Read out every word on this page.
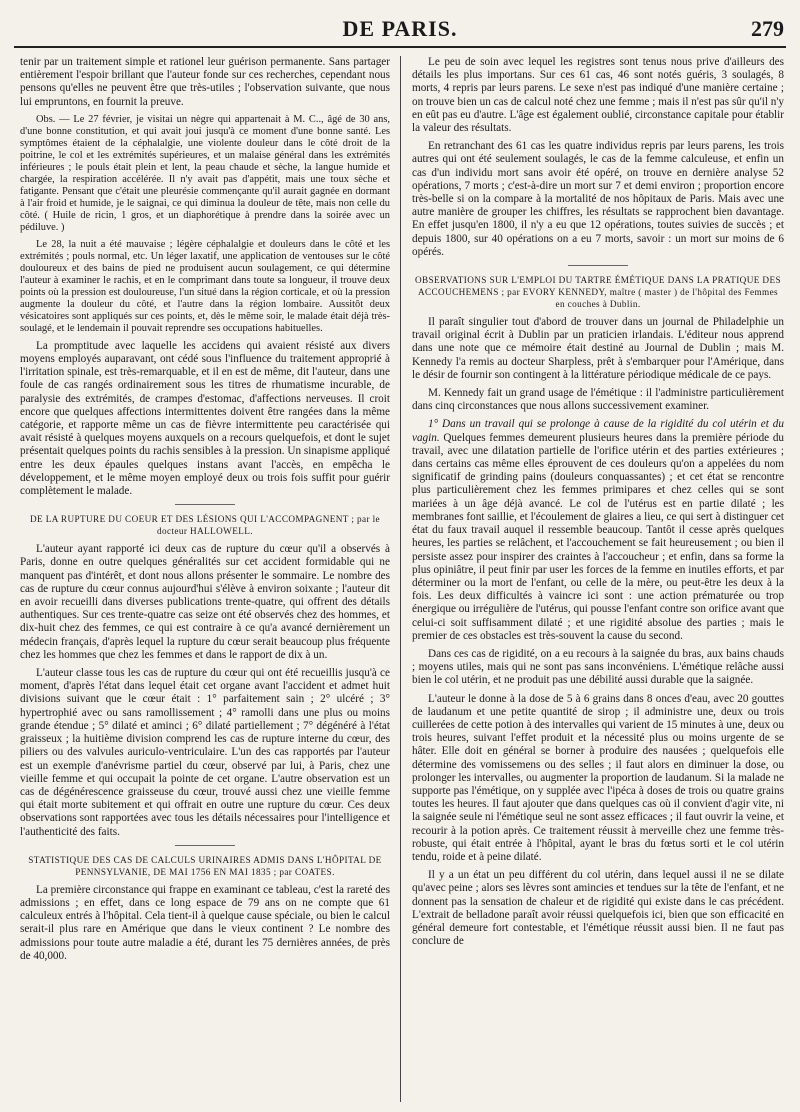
DE PARIS.	279

tenir par un traitement simple et rationel leur guérison permanente. Sans partager entièrement l'espoir brillant que l'auteur fonde sur ces recherches, cependant nous pensons qu'elles ne peuvent être que très-utiles ; l'observation suivante, que nous lui empruntons, en fournit la preuve.

Obs. — Le 27 février, je visitai un nègre qui appartenait à M. C.., âgé de 30 ans, d'une bonne constitution, et qui avait joui jusqu'à ce moment d'une bonne santé. Les symptômes étaient de la céphalalgie, une violente douleur dans le côté droit de la poitrine, le col et les extrémités supérieures, et un malaise général dans les extrémités inférieures ; le pouls était plein et lent, la peau chaude et sèche, la langue humide et chargée, la respiration accélérée. Il n'y avait pas d'appétit, mais une toux sèche et fatigante. Pensant que c'était une pleurésie commençante qu'il aurait gagnée en dormant à l'air froid et humide, je le saignai, ce qui diminua la douleur de tête, mais non celle du côté. ( Huile de ricin, 1 gros, et un diaphorétique à prendre dans la soirée avec un pédiluve. )

Le 28, la nuit a été mauvaise ; légère céphalalgie et douleurs dans le côté et les extrémités ; pouls normal, etc. Un léger laxatif, une application de ventouses sur le côté douloureux et des bains de pied ne produisent aucun soulagement, ce qui détermine l'auteur à examiner le rachis, et en le comprimant dans toute sa longueur, il trouve deux points où la pression est douloureuse, l'un situé dans la région corticale, et où la pression augmente la douleur du côté, et l'autre dans la région lombaire. Aussitôt deux vésicatoires sont appliqués sur ces points, et, dès le même soir, le malade était déjà très-soulagé, et le lendemain il pouvait reprendre ses occupations habituelles.

La promptitude avec laquelle les accidens qui avaient résisté aux divers moyens employés auparavant, ont cédé sous l'influence du traitement approprié à l'irritation spinale, est très-remarquable, et il en est de même, dit l'auteur, dans une foule de cas rangés ordinairement sous les titres de rhumatisme incurable, de paralysie des extrémités, de crampes d'estomac, d'affections nerveuses. Il croit encore que quelques affections intermittentes doivent être rangées dans la même catégorie, et rapporte même un cas de fièvre intermittente peu caractérisée qui avait résisté à quelques moyens auxquels on a recours quelquefois, et dont le sujet présentait quelques points du rachis sensibles à la pression. Un sinapisme appliqué entre les deux épaules quelques instans avant l'accès, en empêcha le développement, et le même moyen employé deux ou trois fois suffit pour guérir complètement le malade.

DE LA RUPTURE DU COEUR ET DES LÉSIONS QUI L'ACCOMPAGNENT ; par le docteur HALLOWELL.

L'auteur ayant rapporté ici deux cas de rupture du cœur qu'il a observés à Paris, donne en outre quelques généralités sur cet accident formidable qui ne manquent pas d'intérêt, et dont nous allons présenter le sommaire. Le nombre des cas de rupture du cœur connus aujourd'hui s'élève à environ soixante ; l'auteur dit en avoir recueilli dans diverses publications trente-quatre, qui offrent des détails authentiques. Sur ces trente-quatre cas seize ont été observés chez des hommes, et dix-huit chez des femmes, ce qui est contraire à ce qu'a avancé dernièrement un médecin français, d'après lequel la rupture du cœur serait beaucoup plus fréquente chez les hommes que chez les femmes et dans le rapport de dix à un.

L'auteur classe tous les cas de rupture du cœur qui ont été recueillis jusqu'à ce moment, d'après l'état dans lequel était cet organe avant l'accident et admet huit divisions suivant que le cœur était : 1° parfaitement sain ; 2° ulcéré ; 3° hypertrophié avec ou sans ramollissement ; 4° ramolli dans une plus ou moins grande étendue ; 5° dilaté et aminci ; 6° dilaté partiellement ; 7° dégénéré à l'état graisseux ; la huitième division comprend les cas de rupture interne du cœur, des piliers ou des valvules auriculo-ventriculaire. L'un des cas rapportés par l'auteur est un exemple d'anévrisme partiel du cœur, observé par lui, à Paris, chez une vieille femme et qui occupait la pointe de cet organe. L'autre observation est un cas de dégénérescence graisseuse du cœur, trouvé aussi chez une vieille femme qui était morte subitement et qui offrait en outre une rupture du cœur. Ces deux observations sont rapportées avec tous les détails nécessaires pour l'intelligence et l'authenticité des faits.

STATISTIQUE DES CAS DE CALCULS URINAIRES ADMIS DANS L'HÔPITAL DE PENNSYLVANIE, DE MAI 1756 EN MAI 1835 ; par COATES.

La première circonstance qui frappe en examinant ce tableau, c'est la rareté des admissions ; en effet, dans ce long espace de 79 ans on ne compte que 61 calculeux entrés à l'hôpital. Cela tient-il à quelque cause spéciale, ou bien le calcul serait-il plus rare en Amérique que dans le vieux continent ? Le nombre des admissions pour toute autre maladie a été, durant les 75 dernières années, de près de 40,000.

Le peu de soin avec lequel les registres sont tenus nous prive d'ailleurs des détails les plus importans. Sur ces 61 cas, 46 sont notés guéris, 3 soulagés, 8 morts, 4 repris par leurs parens. Le sexe n'est pas indiqué d'une manière certaine ; on trouve bien un cas de calcul noté chez une femme ; mais il n'est pas sûr qu'il n'y en eût pas eu d'autre. L'âge est également oublié, circonstance capitale pour établir la valeur des résultats.

En retranchant des 61 cas les quatre individus repris par leurs parens, les trois autres qui ont été seulement soulagés, le cas de la femme calculeuse, et enfin un cas d'un individu mort sans avoir été opéré, on trouve en dernière analyse 52 opérations, 7 morts ; c'est-à-dire un mort sur 7 et demi environ ; proportion encore très-belle si on la compare à la mortalité de nos hôpitaux de Paris. Mais avec une autre manière de grouper les chiffres, les résultats se rapprochent bien davantage. En effet jusqu'en 1800, il n'y a eu que 12 opérations, toutes suivies de succès ; et depuis 1800, sur 40 opérations on a eu 7 morts, savoir : un mort sur moins de 6 opérés.

OBSERVATIONS SUR L'EMPLOI DU TARTRE ÉMÉTIQUE DANS LA PRATIQUE DES ACCOUCHEMENS ; par EVORY KENNEDY, maître ( master ) de l'hôpital des Femmes en couches à Dublin.

Il paraît singulier tout d'abord de trouver dans un journal de Philadelphie un travail original écrit à Dublin par un praticien irlandais. L'éditeur nous apprend dans une note que ce mémoire était destiné au Journal de Dublin ; mais M. Kennedy l'a remis au docteur Sharpless, prêt à s'embarquer pour l'Amérique, dans le désir de fournir son contingent à la littérature périodique médicale de ce pays.

M. Kennedy fait un grand usage de l'émétique : il l'administre particulièrement dans cinq circonstances que nous allons successivement examiner.

1° Dans un travail qui se prolonge à cause de la rigidité du col utérin et du vagin. Quelques femmes demeurent plusieurs heures dans la première période du travail, avec une dilatation partielle de l'orifice utérin et des parties extérieures ; dans certains cas même elles éprouvent de ces douleurs qu'on a appelées du nom significatif de grinding pains (douleurs conquassantes) ; et cet état se rencontre plus particulièrement chez les femmes primipares et chez celles qui se sont mariées à un âge déjà avancé. Le col de l'utérus est en partie dilaté ; les membranes font saillie, et l'écoulement de glaires a lieu, ce qui sert à distinguer cet état du faux travail auquel il ressemble beaucoup. Tantôt il cesse après quelques heures, les parties se relâchent, et l'accouchement se fait heureusement ; ou bien il persiste assez pour inspirer des craintes à l'accoucheur ; et enfin, dans sa forme la plus opiniâtre, il peut finir par user les forces de la femme en inutiles efforts, et par déterminer ou la mort de l'enfant, ou celle de la mère, ou peut-être les deux à la fois. Les deux difficultés à vaincre ici sont : une action prématurée ou trop énergique ou irrégulière de l'utérus, qui pousse l'enfant contre son orifice avant que celui-ci soit suffisamment dilaté ; et une rigidité absolue des parties ; mais le premier de ces obstacles est très-souvent la cause du second.

Dans ces cas de rigidité, on a eu recours à la saignée du bras, aux bains chauds ; moyens utiles, mais qui ne sont pas sans inconvéniens. L'émétique relâche aussi bien le col utérin, et ne produit pas une débilité aussi durable que la saignée.

L'auteur le donne à la dose de 5 à 6 grains dans 8 onces d'eau, avec 20 gouttes de laudanum et une petite quantité de sirop ; il administre une, deux ou trois cuillerées de cette potion à des intervalles qui varient de 15 minutes à une, deux ou trois heures, suivant l'effet produit et la nécessité plus ou moins urgente de se hâter. Elle doit en général se borner à produire des nausées ; quelquefois elle détermine des vomissemens ou des selles ; il faut alors en diminuer la dose, ou prolonger les intervalles, ou augmenter la proportion de laudanum. Si la malade ne supporte pas l'émétique, on y supplée avec l'ipéca à doses de trois ou quatre grains toutes les heures. Il faut ajouter que dans quelques cas où il convient d'agir vite, ni la saignée seule ni l'émétique seul ne sont assez efficaces ; il faut ouvrir la veine, et recourir à la potion après. Ce traitement réussit à merveille chez une femme très-robuste, qui était entrée à l'hôpital, ayant le bras du fœtus sorti et le col utérin tendu, roide et à peine dilaté.

Il y a un état un peu différent du col utérin, dans lequel aussi il ne se dilate qu'avec peine ; alors ses lèvres sont amincies et tendues sur la tête de l'enfant, et ne donnent pas la sensation de chaleur et de rigidité qui existe dans le cas précédent. L'extrait de belladone paraît avoir réussi quelquefois ici, bien que son efficacité en général demeure fort contestable, et l'émétique réussit aussi bien. Il ne faut pas conclure de
